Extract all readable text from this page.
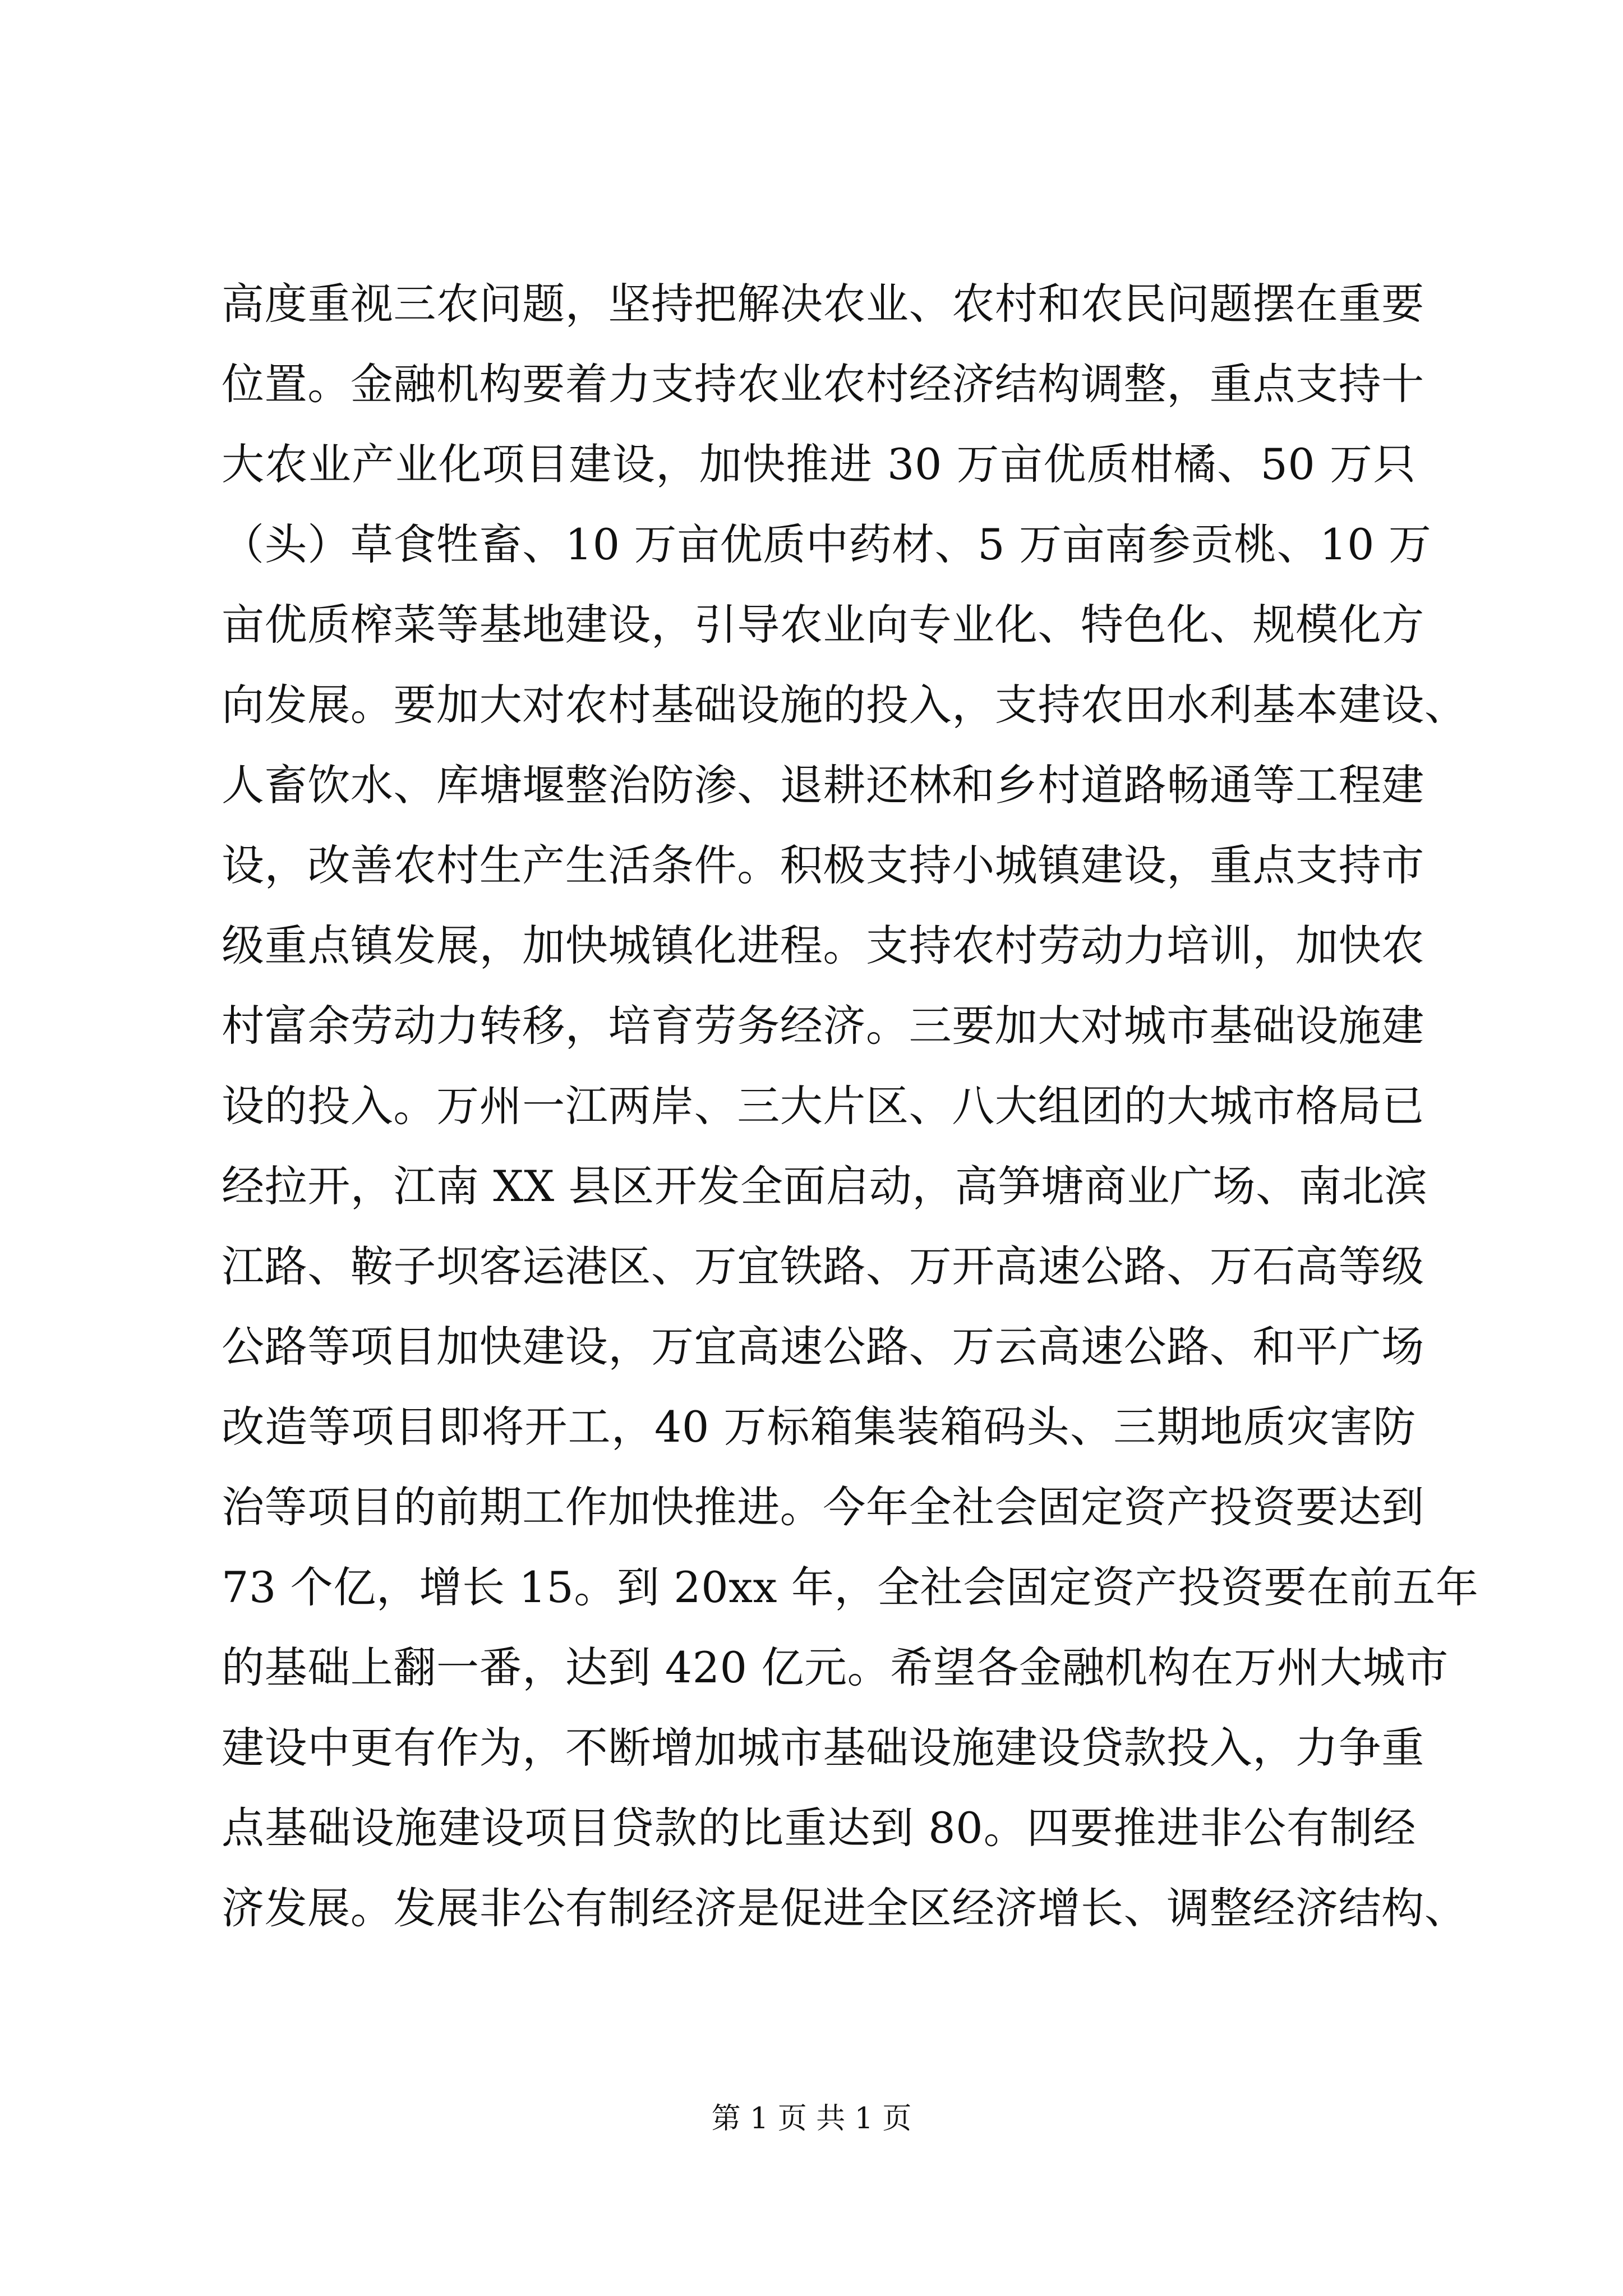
高度重视三农问题，坚持把解决农业、农村和农民问题摆在重要
位置。金融机构要着力支持农业农村经济结构调整，重点支持十
大农业产业化项目建设，加快推进 30 万亩优质柑橘、50 万只
（头）草食牲畜、10 万亩优质中药材、5 万亩南参贡桃、10 万
亩优质榨菜等基地建设，引导农业向专业化、特色化、规模化方
向发展。要加大对农村基础设施的投入，支持农田水利基本建设、
人畜饮水、库塘堰整治防渗、退耕还林和乡村道路畅通等工程建
设，改善农村生产生活条件。积极支持小城镇建设，重点支持市
级重点镇发展，加快城镇化进程。支持农村劳动力培训，加快农
村富余劳动力转移，培育劳务经济。三要加大对城市基础设施建
设的投入。万州一江两岸、三大片区、八大组团的大城市格局已
经拉开，江南 XX 县区开发全面启动，高笋塘商业广场、南北滨
江路、鞍子坝客运港区、万宜铁路、万开高速公路、万石高等级
公路等项目加快建设，万宜高速公路、万云高速公路、和平广场
改造等项目即将开工，40 万标箱集装箱码头、三期地质灾害防
治等项目的前期工作加快推进。今年全社会固定资产投资要达到
73 个亿，增长 15。到 20xx 年，全社会固定资产投资要在前五年
的基础上翻一番，达到 420 亿元。希望各金融机构在万州大城市
建设中更有作为，不断增加城市基础设施建设贷款投入，力争重
点基础设施建设项目贷款的比重达到 80。四要推进非公有制经
济发展。发展非公有制经济是促进全区经济增长、调整经济结构、
第 1 页 共 1 页
